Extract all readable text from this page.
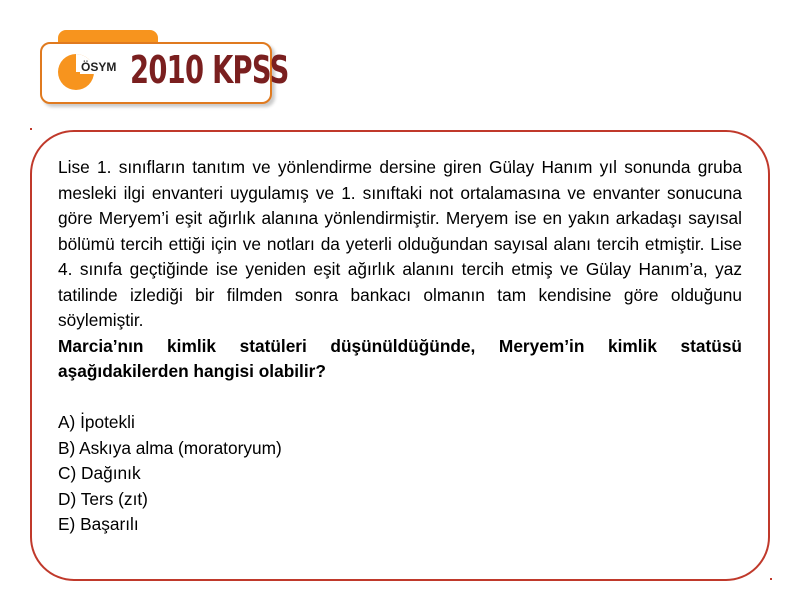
ÖSYM 2010 KPSS

Lise 1. sınıfların tanıtım ve yönlendirme dersine giren Gülay Hanım yıl sonunda gruba mesleki ilgi envanteri uygulamış ve 1. sınıftaki not ortalamasına ve envanter sonucuna göre Meryem’i eşit ağırlık alanına yönlendirmiştir. Meryem ise en yakın arkadaşı sayısal bölümü tercih ettiği için ve notları da yeterli olduğundan sayısal alanı tercih etmiştir. Lise 4. sınıfa geçtiğinde ise yeniden eşit ağırlık alanını tercih etmiş ve Gülay Hanım’a, yaz tatilinde izlediği bir filmden sonra bankacı olmanın tam kendisine göre olduğunu söylemiştir.

Marcia’nın kimlik statüleri düşünüldüğünde, Meryem’in kimlik statüsü aşağıdakilerden hangisi olabilir?

A) İpotekli
B) Askıya alma (moratoryum)
C) Dağınık
D) Ters (zıt)
E) Başarılı
